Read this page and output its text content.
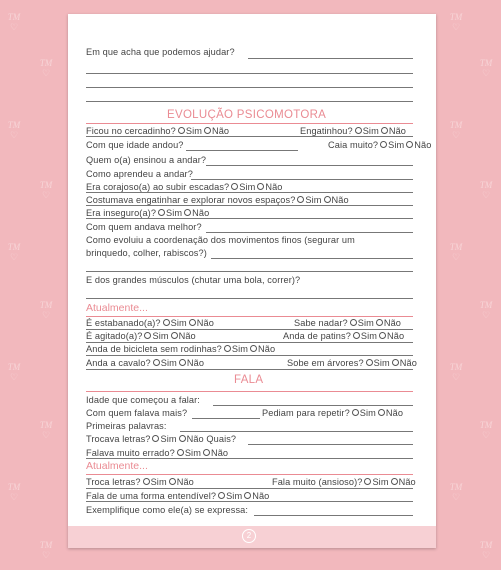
TM
♡
TM
♡
TM
♡
TM
♡
TM
♡
TM
♡
TM
♡
TM
♡
TM
♡
TM
♡
TM
♡
TM
♡
TM
♡
TM
♡
TM
♡
TM
♡
TM
♡
TM
♡
TM
♡
TM
♡
Em que acha que podemos ajudar?
EVOLUÇÃO PSICOMOTORA
Ficou no cercadinho? Sim Não	Engatinhou? Sim Não
Com que idade andou?	Caia muito? Sim Não
Quem o(a) ensinou a andar?
Como aprendeu a andar?
Era corajoso(a) ao subir escadas? Sim Não
Costumava engatinhar e explorar novos espaços? Sim Não
Era inseguro(a)? Sim Não
Com quem andava melhor?
Como evoluiu a coordenação dos movimentos finos (segurar um
brinquedo, colher, rabiscos?)
E dos grandes músculos (chutar uma bola, correr)?
Atualmente...
É estabanado(a)? Sim Não	Sabe nadar? Sim Não
É agitado(a)? Sim Não	Anda de patins? Sim Não
Anda de bicicleta sem rodinhas? Sim Não
Anda a cavalo? Sim Não	Sobe em árvores? Sim Não
FALA
Idade que começou a falar:
Com quem falava mais?	Pediam para repetir? Sim Não
Primeiras palavras:
Trocava letras? Sim Não Quais?
Falava muito errado? Sim Não
Atualmente...
Troca letras? Sim Não	Fala muito (ansioso)? Sim Não
Fala de uma forma entendível? Sim Não
Exemplifique como ele(a) se expressa:
2
